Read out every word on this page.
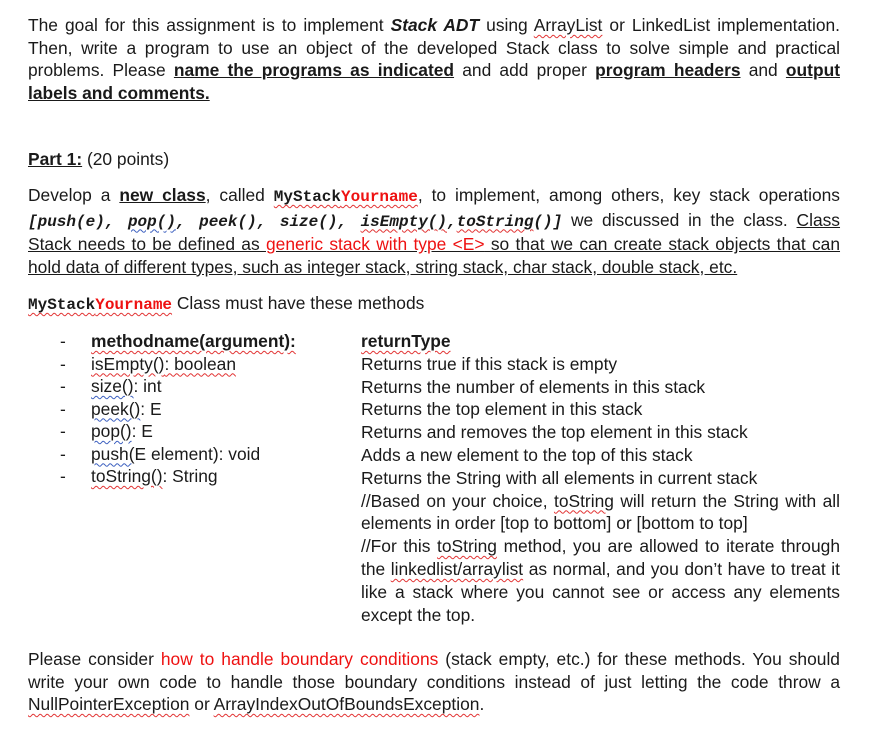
The goal for this assignment is to implement Stack ADT using ArrayList or LinkedList implementation. Then, write a program to use an object of the developed Stack class to solve simple and practical problems. Please name the programs as indicated and add proper program headers and output labels and comments.
Part 1: (20 points)
Develop a new class, called MyStackYourname, to implement, among others, key stack operations [push(e), pop(), peek(), size(), isEmpty(),toString()] we discussed in the class. Class Stack needs to be defined as generic stack with type <E> so that we can create stack objects that can hold data of different types, such as integer stack, string stack, char stack, double stack, etc.
MyStackYourname Class must have these methods
- methodname(argument):
- isEmpty(): boolean
- size(): int
- peek(): E
- pop(): E
- push(E element): void
- toString(): String
returnType
Returns true if this stack is empty
Returns the number of elements in this stack
Returns the top element in this stack
Returns and removes the top element in this stack
Adds a new element to the top of this stack
Returns the String with all elements in current stack
//Based on your choice, toString will return the String with all elements in order [top to bottom] or [bottom to top]
//For this toString method, you are allowed to iterate through the linkedlist/arraylist as normal, and you don’t have to treat it like a stack where you cannot see or access any elements except the top.
Please consider how to handle boundary conditions (stack empty, etc.) for these methods. You should write your own code to handle those boundary conditions instead of just letting the code throw a NullPointerException or ArrayIndexOutOfBoundsException.
